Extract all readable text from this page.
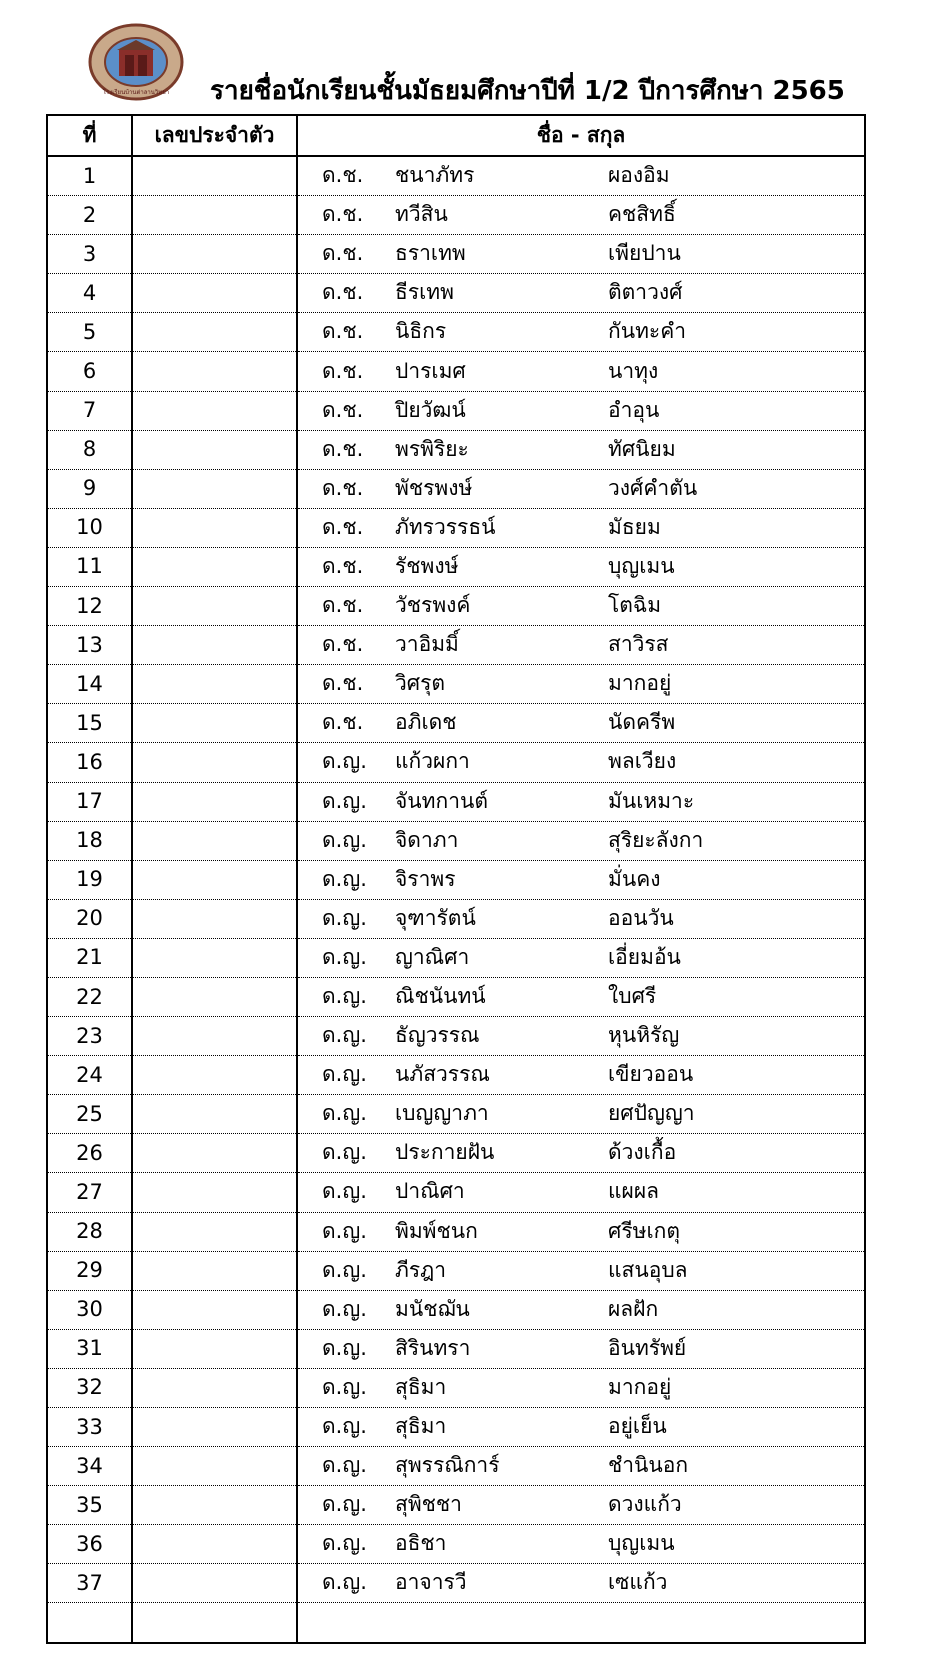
โรงเรียนบ้านต่าลานวิทยา รายชื่อนักเรียนชั้นมัธยมศึกษาปีที่ 1/2 ปีการศึกษา 2565
ที่	เลขประจำตัว	ชื่อ - สกุล
1		ด.ช. ชนาภัทร ผองอิม

2		ด.ช. ทวีสิน คชสิทธิ์

3		ด.ช. ธราเทพ เพียปาน

4		ด.ช. ธีรเทพ ติตาวงศ์

5		ด.ช. นิธิกร กันทะคำ

6		ด.ช. ปารเมศ นาทุง

7		ด.ช. ปิยวัฒน์ อำอุน

8		ด.ช. พรพิริยะ ทัศนิยม

9		ด.ช. พัชรพงษ์ วงศ์คำตัน

10		ด.ช. ภัทรวรรธน์ มัธยม

11		ด.ช. รัชพงษ์ บุญเมน

12		ด.ช. วัชรพงค์ โตฉิม

13		ด.ช. วาอิมมิ์ สาวิรส

14		ด.ช. วิศรุต มากอยู่

15		ด.ช. อภิเดช นัดครีพ

16		ด.ญ. แก้วผกา พลเวียง

17		ด.ญ. จันทกานต์ มันเหมาะ

18		ด.ญ. จิดาภา สุริยะลังกา

19		ด.ญ. จิราพร มั่นคง

20		ด.ญ. จุฑารัตน์ ออนวัน

21		ด.ญ. ญาณิศา เอี่ยมอ้น

22		ด.ญ. ณิชนันทน์ ใบศรี

23		ด.ญ. ธัญวรรณ หุนหิรัญ

24		ด.ญ. นภัสวรรณ เขียวออน

25		ด.ญ. เบญญาภา ยศปัญญา

26		ด.ญ. ประกายฝัน ด้วงเกื้อ

27		ด.ญ. ปาณิศา แผผล

28		ด.ญ. พิมพ์ชนก ศรีษเกตุ

29		ด.ญ. ภีรฎา แสนอุบล

30		ด.ญ. มนัชฌัน ผลฝัก

31		ด.ญ. สิรินทรา อินทรัพย์

32		ด.ญ. สุธิมา มากอยู่

33		ด.ญ. สุธิมา อยู่เย็น

34		ด.ญ. สุพรรณิการ์ ชำนินอก

35		ด.ญ. สุพิชชา ดวงแก้ว

36		ด.ญ. อธิชา บุญเมน

37		ด.ญ. อาจารวี เซแก้ว
